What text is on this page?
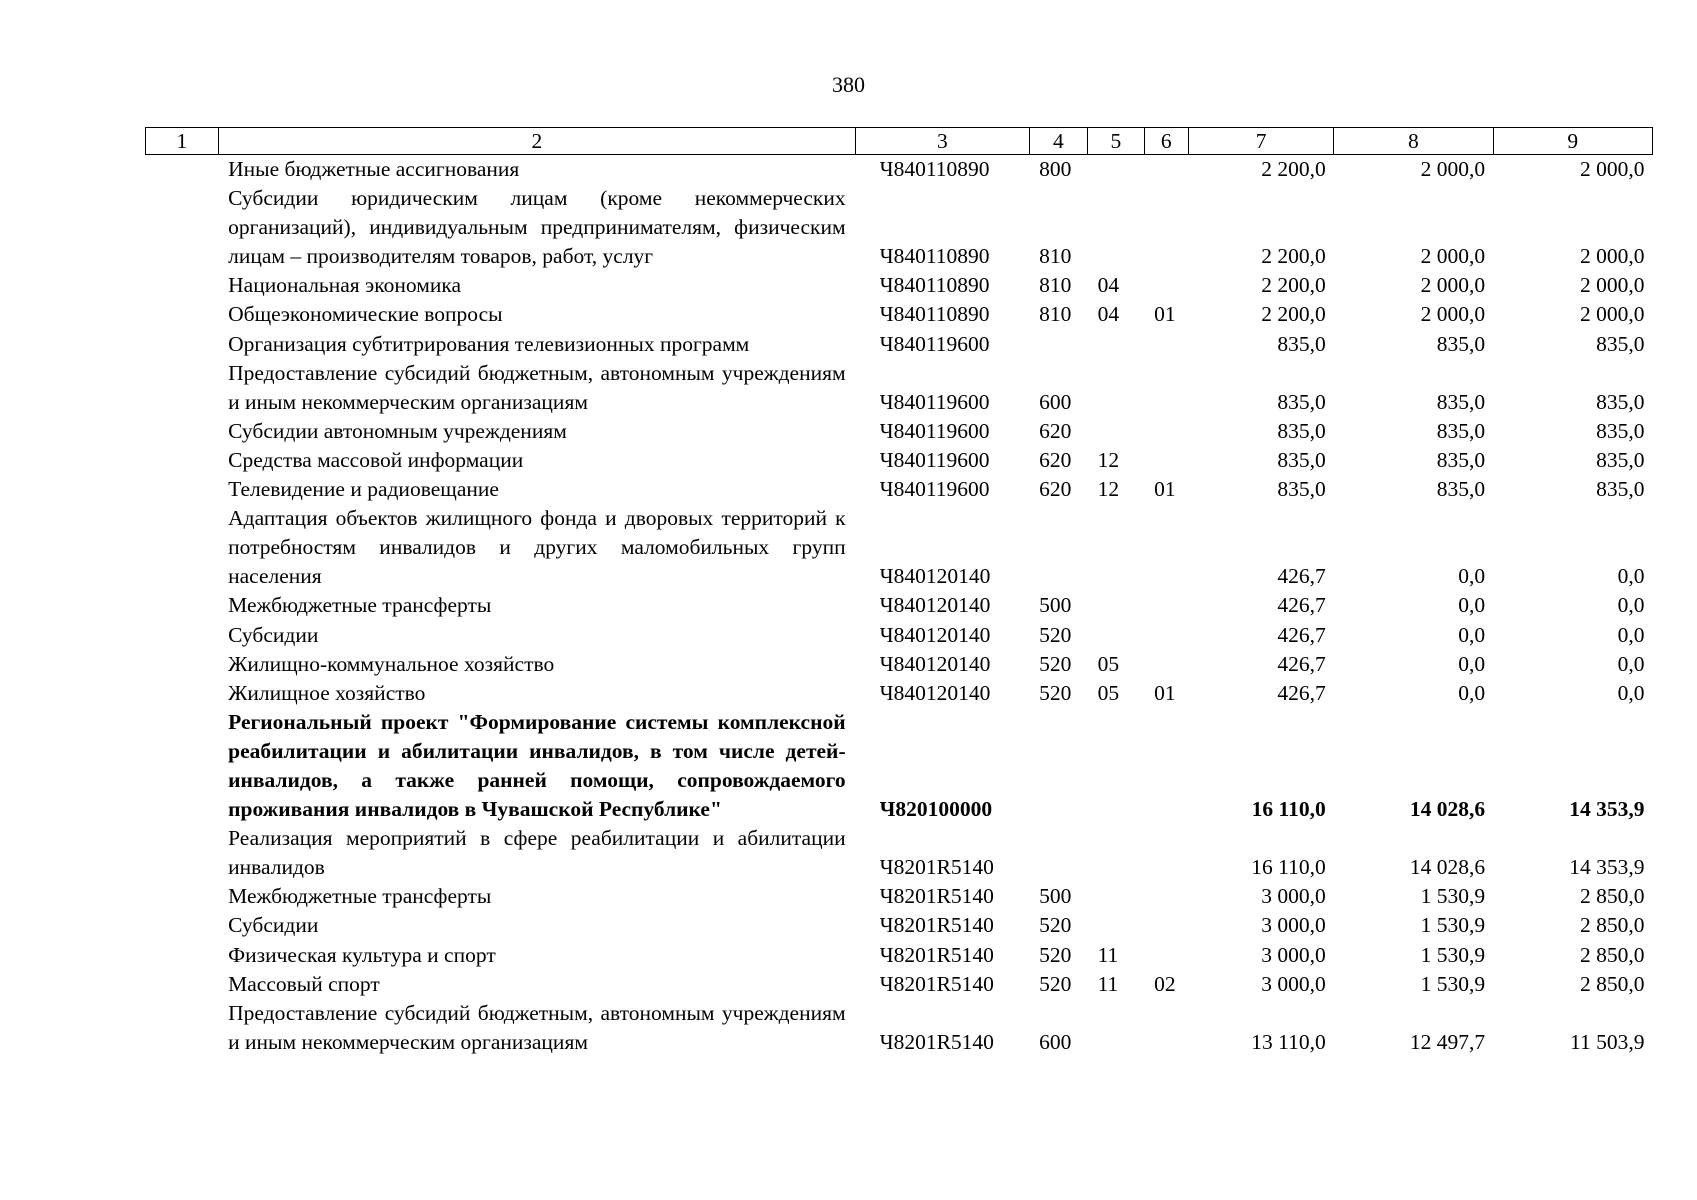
380
1	2	3	4	5	6	7	8	9
	Иные бюджетные ассигнования	Ч840110890	800			2 200,0	2 000,0	2 000,0
	Субсидии юридическим лицам (кроме некоммерческих организаций), индивидуальным предпринимателям, физическим лицам – производителям товаров, работ, услуг	Ч840110890	810			2 200,0	2 000,0	2 000,0
	Национальная экономика	Ч840110890	810	04		2 200,0	2 000,0	2 000,0
	Общеэкономические вопросы	Ч840110890	810	04	01	2 200,0	2 000,0	2 000,0
	Организация субтитрирования телевизионных программ	Ч840119600				835,0	835,0	835,0
	Предоставление субсидий бюджетным, автономным учреждениям и иным некоммерческим организациям	Ч840119600	600			835,0	835,0	835,0
	Субсидии автономным учреждениям	Ч840119600	620			835,0	835,0	835,0
	Средства массовой информации	Ч840119600	620	12		835,0	835,0	835,0
	Телевидение и радиовещание	Ч840119600	620	12	01	835,0	835,0	835,0
	Адаптация объектов жилищного фонда и дворовых территорий к потребностям инвалидов и других маломобильных групп населения	Ч840120140				426,7	0,0	0,0
	Межбюджетные трансферты	Ч840120140	500			426,7	0,0	0,0
	Субсидии	Ч840120140	520			426,7	0,0	0,0
	Жилищно-коммунальное хозяйство	Ч840120140	520	05		426,7	0,0	0,0
	Жилищное хозяйство	Ч840120140	520	05	01	426,7	0,0	0,0
	Региональный проект "Формирование системы комплексной реабилитации и абилитации инвалидов, в том числе детей-инвалидов, а также ранней помощи, сопровождаемого проживания инвалидов в Чувашской Республике"	Ч820100000				16 110,0	14 028,6	14 353,9
	Реализация мероприятий в сфере реабилитации и абилитации инвалидов	Ч8201R5140				16 110,0	14 028,6	14 353,9
	Межбюджетные трансферты	Ч8201R5140	500			3 000,0	1 530,9	2 850,0
	Субсидии	Ч8201R5140	520			3 000,0	1 530,9	2 850,0
	Физическая культура и спорт	Ч8201R5140	520	11		3 000,0	1 530,9	2 850,0
	Массовый спорт	Ч8201R5140	520	11	02	3 000,0	1 530,9	2 850,0
	Предоставление субсидий бюджетным, автономным учреждениям и иным некоммерческим организациям	Ч8201R5140	600			13 110,0	12 497,7	11 503,9
